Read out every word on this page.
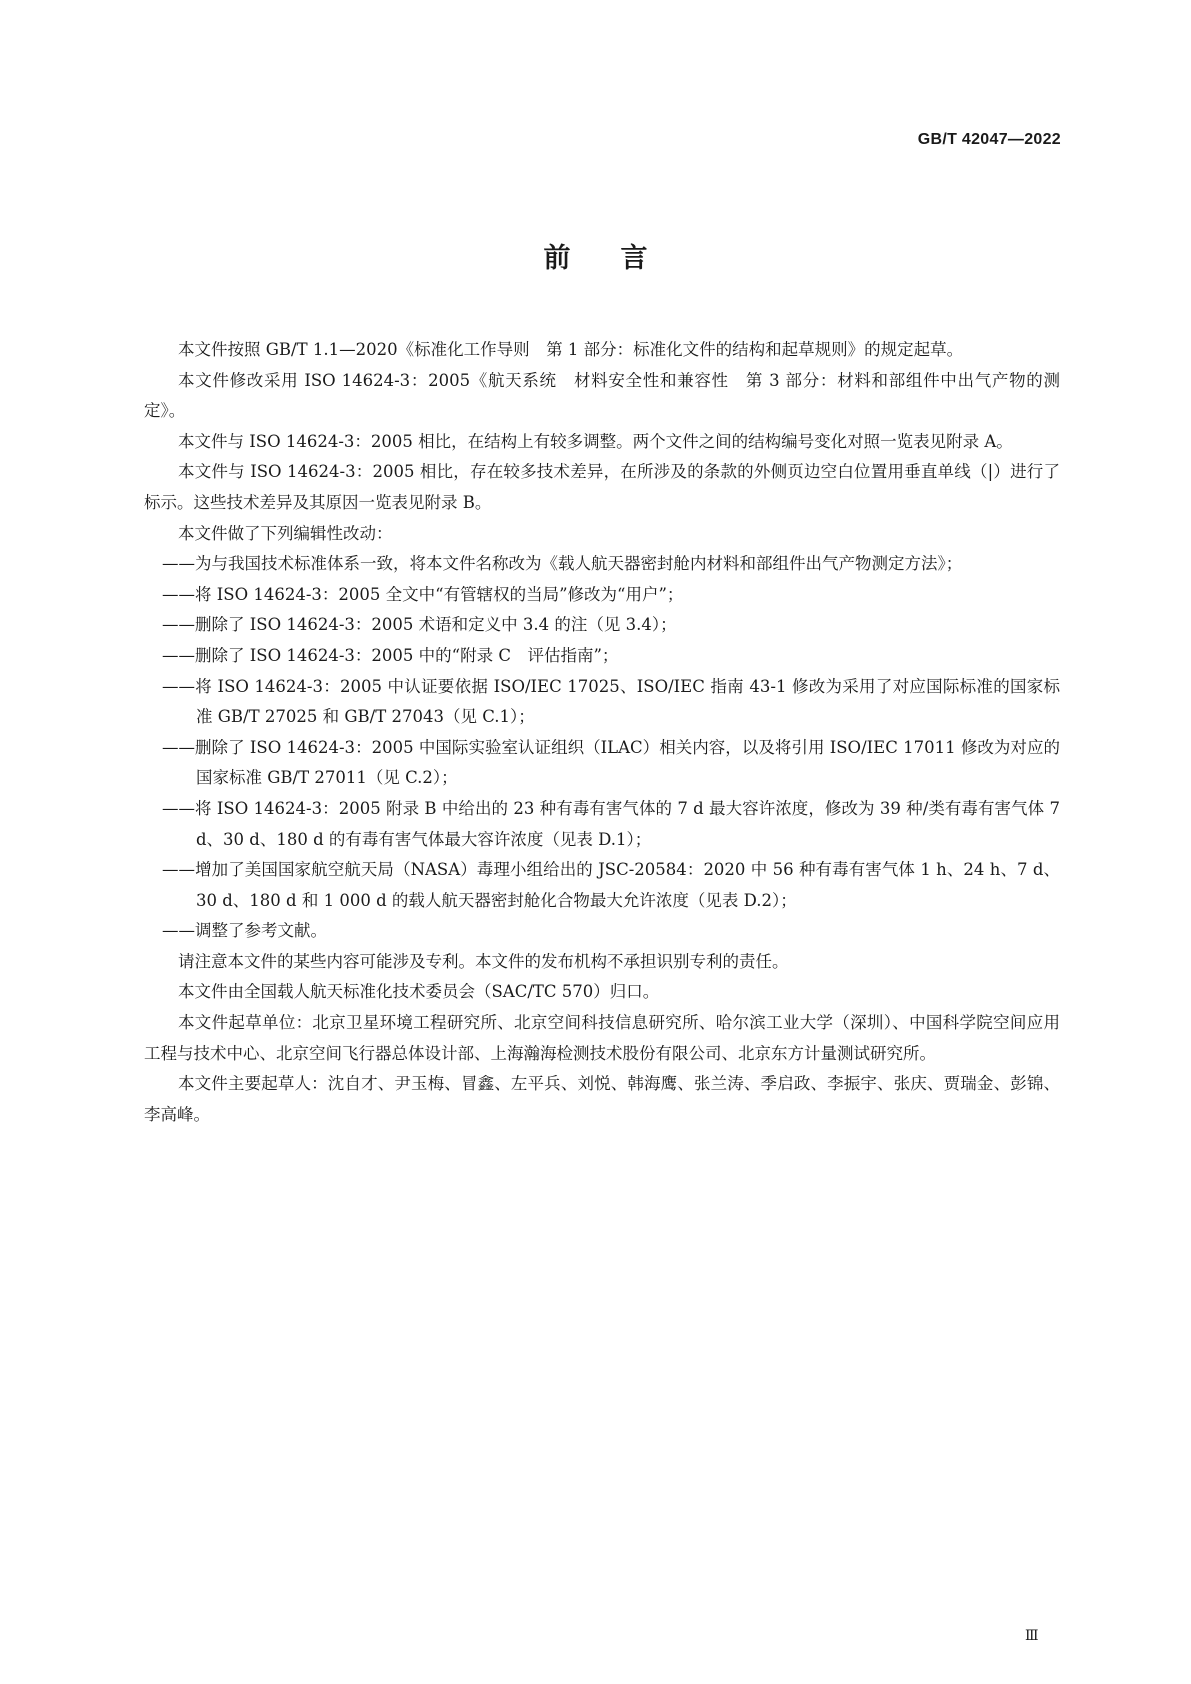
GB/T 42047—2022
前言

本文件按照 GB/T 1.1—2020《标准化工作导则　第 1 部分：标准化文件的结构和起草规则》的规定起草。

本文件修改采用 ISO 14624-3：2005《航天系统　材料安全性和兼容性　第 3 部分：材料和部组件中出气产物的测定》。

本文件与 ISO 14624-3：2005 相比，在结构上有较多调整。两个文件之间的结构编号变化对照一览表见附录 A。

本文件与 ISO 14624-3：2005 相比，存在较多技术差异，在所涉及的条款的外侧页边空白位置用垂直单线（|）进行了标示。这些技术差异及其原因一览表见附录 B。

本文件做了下列编辑性改动：

——为与我国技术标准体系一致，将本文件名称改为《载人航天器密封舱内材料和部组件出气产物测定方法》；

——将 ISO 14624-3：2005 全文中“有管辖权的当局”修改为“用户”；

——删除了 ISO 14624-3：2005 术语和定义中 3.4 的注（见 3.4）；

——删除了 ISO 14624-3：2005 中的“附录 C　评估指南”；

——将 ISO 14624-3：2005 中认证要依据 ISO/IEC 17025、ISO/IEC 指南 43-1 修改为采用了对应国际标准的国家标准 GB/T 27025 和 GB/T 27043（见 C.1）；

——删除了 ISO 14624-3：2005 中国际实验室认证组织（ILAC）相关内容，以及将引用 ISO/IEC 17011 修改为对应的国家标准 GB/T 27011（见 C.2）；

——将 ISO 14624-3：2005 附录 B 中给出的 23 种有毒有害气体的 7 d 最大容许浓度，修改为 39 种/类有毒有害气体 7 d、30 d、180 d 的有毒有害气体最大容许浓度（见表 D.1）；

——增加了美国国家航空航天局（NASA）毒理小组给出的 JSC-20584：2020 中 56 种有毒有害气体 1 h、24 h、7 d、30 d、180 d 和 1 000 d 的载人航天器密封舱化合物最大允许浓度（见表 D.2）；

——调整了参考文献。

请注意本文件的某些内容可能涉及专利。本文件的发布机构不承担识别专利的责任。

本文件由全国载人航天标准化技术委员会（SAC/TC 570）归口。

本文件起草单位：北京卫星环境工程研究所、北京空间科技信息研究所、哈尔滨工业大学（深圳）、中国科学院空间应用工程与技术中心、北京空间飞行器总体设计部、上海瀚海检测技术股份有限公司、北京东方计量测试研究所。

本文件主要起草人：沈自才、尹玉梅、冒鑫、左平兵、刘悦、韩海鹰、张兰涛、季启政、李振宇、张庆、贾瑞金、彭锦、李高峰。

Ⅲ
